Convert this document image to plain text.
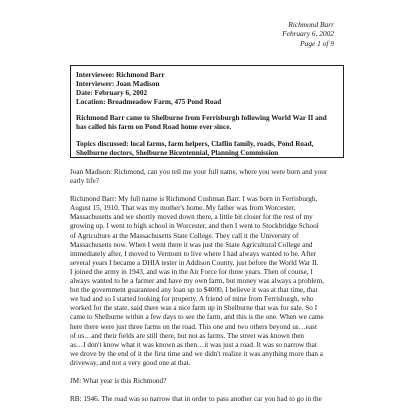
Richmond Barr
February 6, 2002
Page 1 of 9
Interviewee: Richmond Barr
Interviewer: Joan Madison
Date: February 6, 2002
Location: Broadmeadow Farm, 475 Pond Road
Richmond Barr came to Shelburne from Ferrisburgh following World War II and
has called his farm on Pond Road home ever since.
Topics discussed: local farms, farm helpers, Claflin family, roads, Pond Road,
Shelburne doctors, Shelburne Bicentennial, Planning Commission

Joan Madison: Richmond, can you tell me your full name, where you were born and your
early life?

Richmond Barr: My full name is Richmond Cushman Barr. I was born in Ferrisburgh,
August 15, 1910. That was my mother's home. My father was from Worcester,
Massachusetts and we shortly moved down there, a little bit closer for the rest of my
growing up. I went to high school in Worcester, and then I went to Stockbridge School
of Agriculture at the Massachusetts State College. They call it the University of
Massachusetts now. When I went there it was just the State Agricultural College and
immediately after, I moved to Vermont to live where I had always wanted to be. After
several years I became a DHIA tester in Addison County, just before the World War II.
I joined the army in 1943, and was in the Air Force for three years. Then of course, I
always wanted to be a farmer and have my own farm, but money was always a problem,
but the government guaranteed any loan up to $4000, I believe it was at that time, that
we had and so I started looking for property. A friend of mine from Ferrisburgh, who
worked for the state, said there was a nice farm up in Shelburne that was for sale. So I
came to Shelburne within a few days to see the farm, and this is the one. When we came
here there were just three farms on the road. This one and two others beyond us…east
of us…and their fields are still there, but not as farms. The street was known then
as…I don't know what it was known as then…it was just a road. It was so narrow that
we drove by the end of it the first time and we didn't realize it was anything more than a
driveway, and not a very good one at that.

JM: What year is this Richmond?

RB: 1946. The road was so narrow that in order to pass another car you had to go in the
